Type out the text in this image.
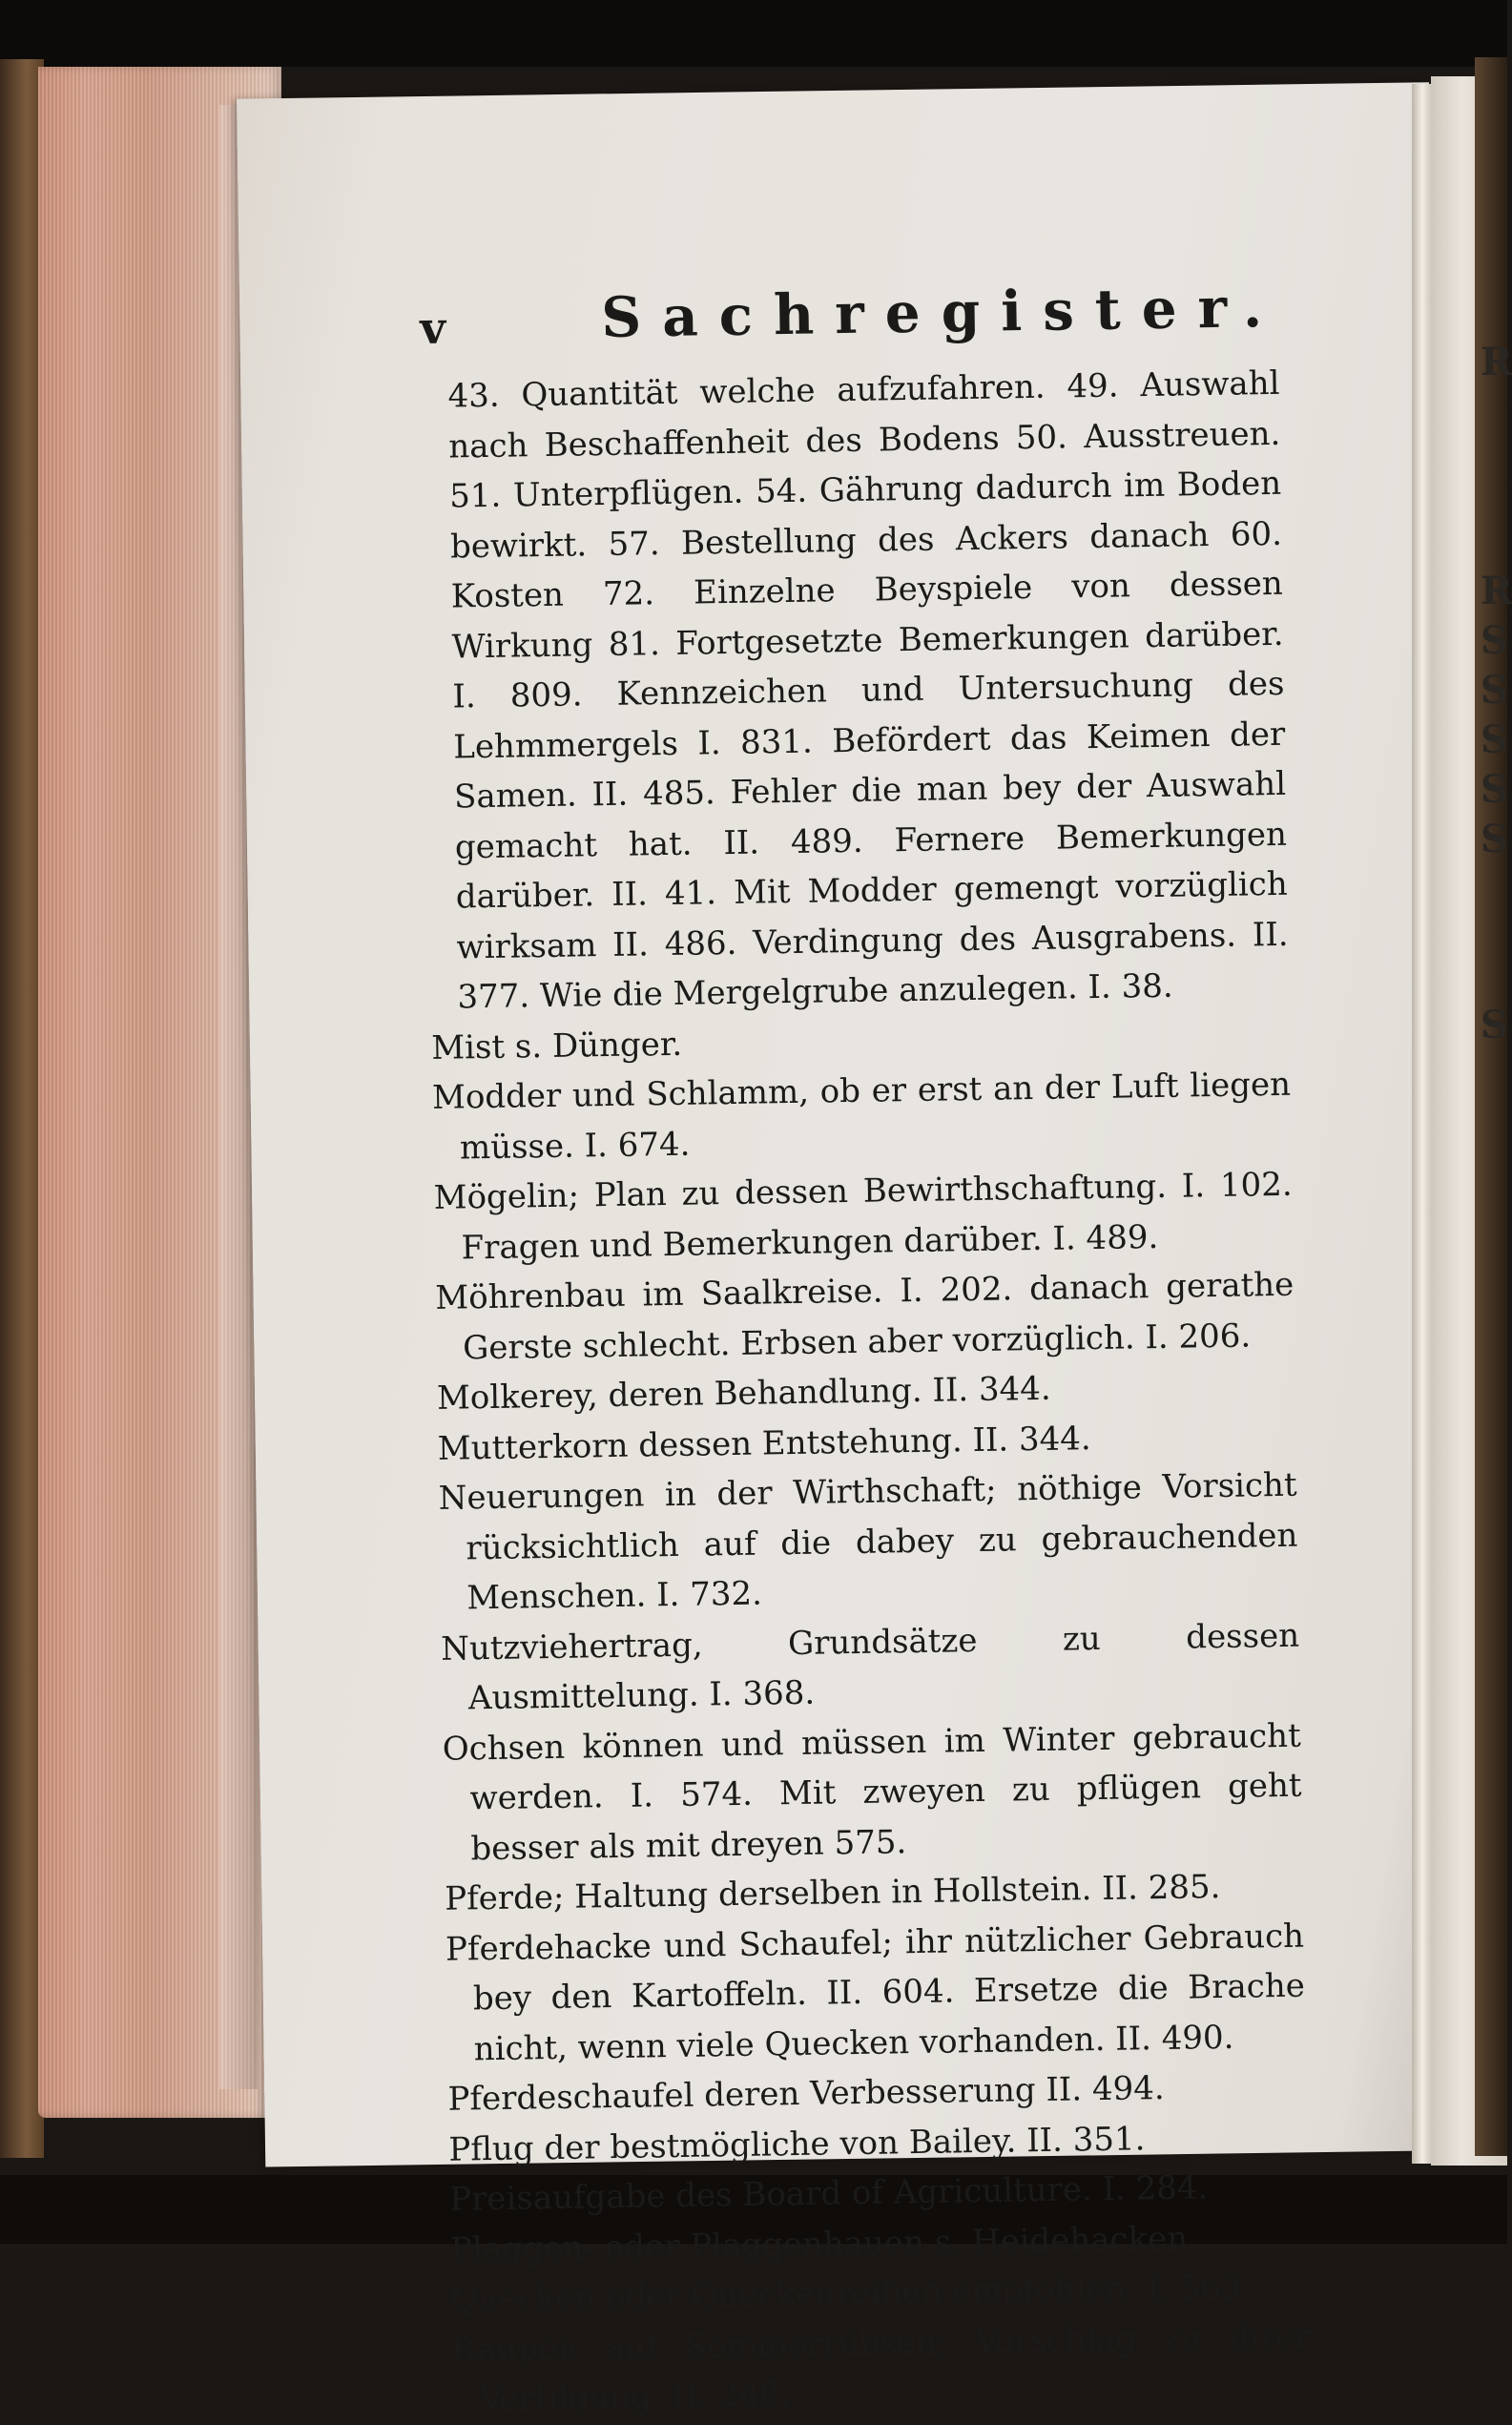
R
R
S
S
S
S
S
S
v	Sachregister.
43. Quantität welche aufzufahren. 49. Auswahl nach Beschaffenheit des Bodens 50. Ausstreuen. 51. Unterpflügen. 54. Gährung dadurch im Boden bewirkt. 57. Bestellung des Ackers danach 60. Kosten 72. Einzelne Beyspiele von dessen Wirkung 81. Fortgesetzte Bemerkungen darüber. I. 809. Kennzeichen und Untersuchung des Lehmmergels I. 831. Befördert das Keimen der Samen. II. 485. Fehler die man bey der Auswahl gemacht hat. II. 489. Fernere Bemerkungen darüber. II. 41. Mit Modder gemengt vorzüglich wirksam II. 486. Verdingung des Ausgrabens. II. 377. Wie die Mergelgrube anzulegen. I. 38.
Mist s. Dünger.
Modder und Schlamm, ob er erst an der Luft liegen müsse. I. 674.
Mögelin; Plan zu dessen Bewirthschaftung. I. 102. Fragen und Bemerkungen darüber. I. 489.
Möhrenbau im Saalkreise. I. 202. danach gerathe Gerste schlecht. Erbsen aber vorzüglich. I. 206.
Molkerey, deren Behandlung. II. 344.
Mutterkorn dessen Entstehung. II. 344.
Neuerungen in der Wirthschaft; nöthige Vorsicht rücksichtlich auf die dabey zu gebrauchenden Menschen. I. 732.
Nutzviehertrag, Grundsätze zu dessen Ausmittelung. I. 368.
Ochsen können und müssen im Winter gebraucht werden. I. 574. Mit zweyen zu pflügen geht besser als mit dreyen 575.
Pferde; Haltung derselben in Hollstein. II. 285.
Pferdehacke und Schaufel; ihr nützlicher Gebrauch bey den Kartoffeln. II. 604. Ersetze die Brache nicht, wenn viele Quecken vorhanden. II. 490.
Pferdeschaufel deren Verbesserung II. 494.
Pflug der bestmögliche von Bailey. II. 351.
Preisaufgabe des Board of Agriculture. I. 284.
Plaggen- oder Plaggenhauen s. Heidehacken.
Quecken oder Queckenreihen empfohlen. I. 563.
Raupen auf Sommerrübsen; Vorschlag zu ihrer Vertilgung. II. 248.
